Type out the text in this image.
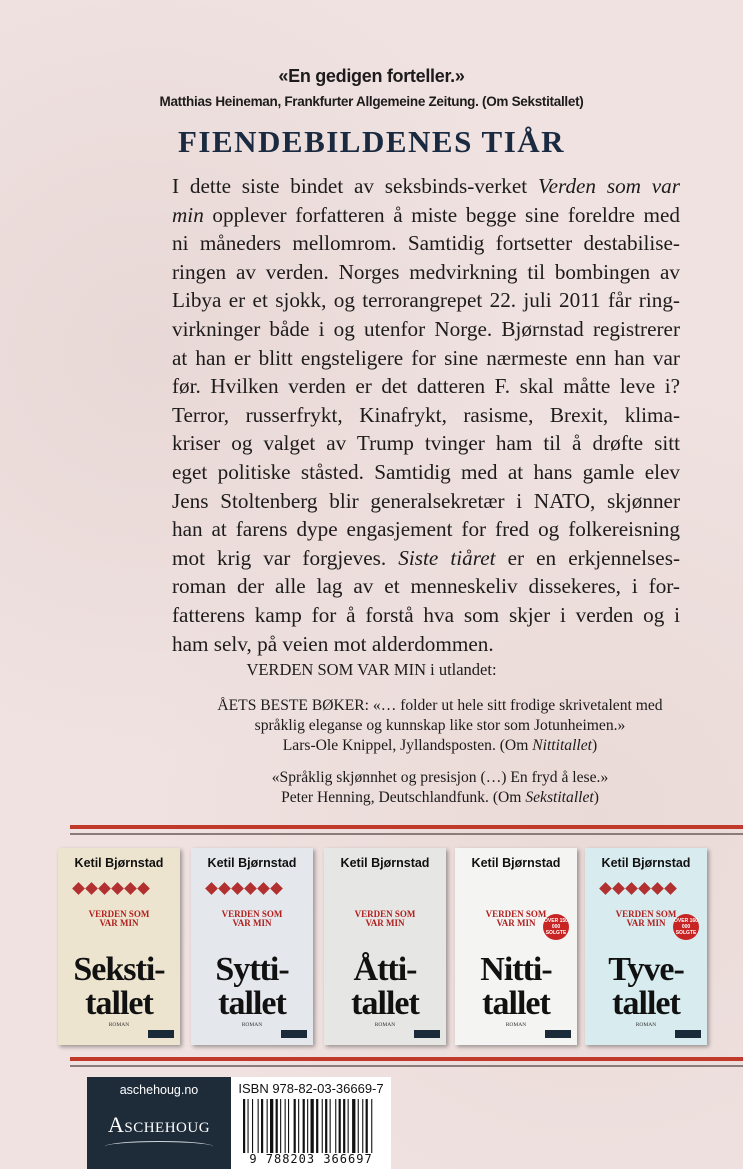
«En gedigen forteller.»
Matthias Heineman, Frankfurter Allgemeine Zeitung. (Om Sekstitallet)
FIENDEBILDENES TIÅR
I dette siste bindet av seksbinds-verket Verden som var
min opplever forfatteren å miste begge sine foreldre med
ni måneders mellomrom. Samtidig fortsetter destabilise-
ringen av verden. Norges medvirkning til bombingen av
Libya er et sjokk, og terrorangrepet 22. juli 2011 får ring-
virkninger både i og utenfor Norge. Bjørnstad registrerer
at han er blitt engsteligere for sine nærmeste enn han var
før. Hvilken verden er det datteren F. skal måtte leve i?
Terror, russerfrykt, Kinafrykt, rasisme, Brexit, klima-
kriser og valget av Trump tvinger ham til å drøfte sitt
eget politiske ståsted. Samtidig med at hans gamle elev
Jens Stoltenberg blir generalsekretær i NATO, skjønner
han at farens dype engasjement for fred og folkereisning
mot krig var forgjeves. Siste tiåret er en erkjennelses-
roman der alle lag av et menneskeliv dissekeres, i for-
fatterens kamp for å forstå hva som skjer i verden og i
ham selv, på veien mot alderdommen.
VERDEN SOM VAR MIN i utlandet:
ÅETS BESTE BØKER: «… folder ut hele sitt frodige skrivetalent med
språklig eleganse og kunnskap like stor som Jotunheimen.»
Lars-Ole Knippel, Jyllandsposten. (Om Nittitallet)
«Språklig skjønnhet og presisjon (…) En fryd å lese.»
Peter Henning, Deutschlandfunk. (Om Sekstitallet)
Ketil Bjørnstad
VERDEN SOM
VAR MIN
Seksti-
tallet
ROMAN
Ketil Bjørnstad
VERDEN SOM
VAR MIN
Sytti-
tallet
ROMAN
Ketil Bjørnstad
VERDEN SOM
VAR MIN
Åtti-
tallet
ROMAN
Ketil Bjørnstad
VERDEN SOM
VAR MIN	OVER 150 000 SOLGTE
Nitti-
tallet
ROMAN
Ketil Bjørnstad
VERDEN SOM
VAR MIN	OVER 160 000 SOLGTE
Tyve-
tallet
ROMAN
aschehoug.no
Aschehoug
ISBN 978-82-03-36669-7
9 788203 366697
